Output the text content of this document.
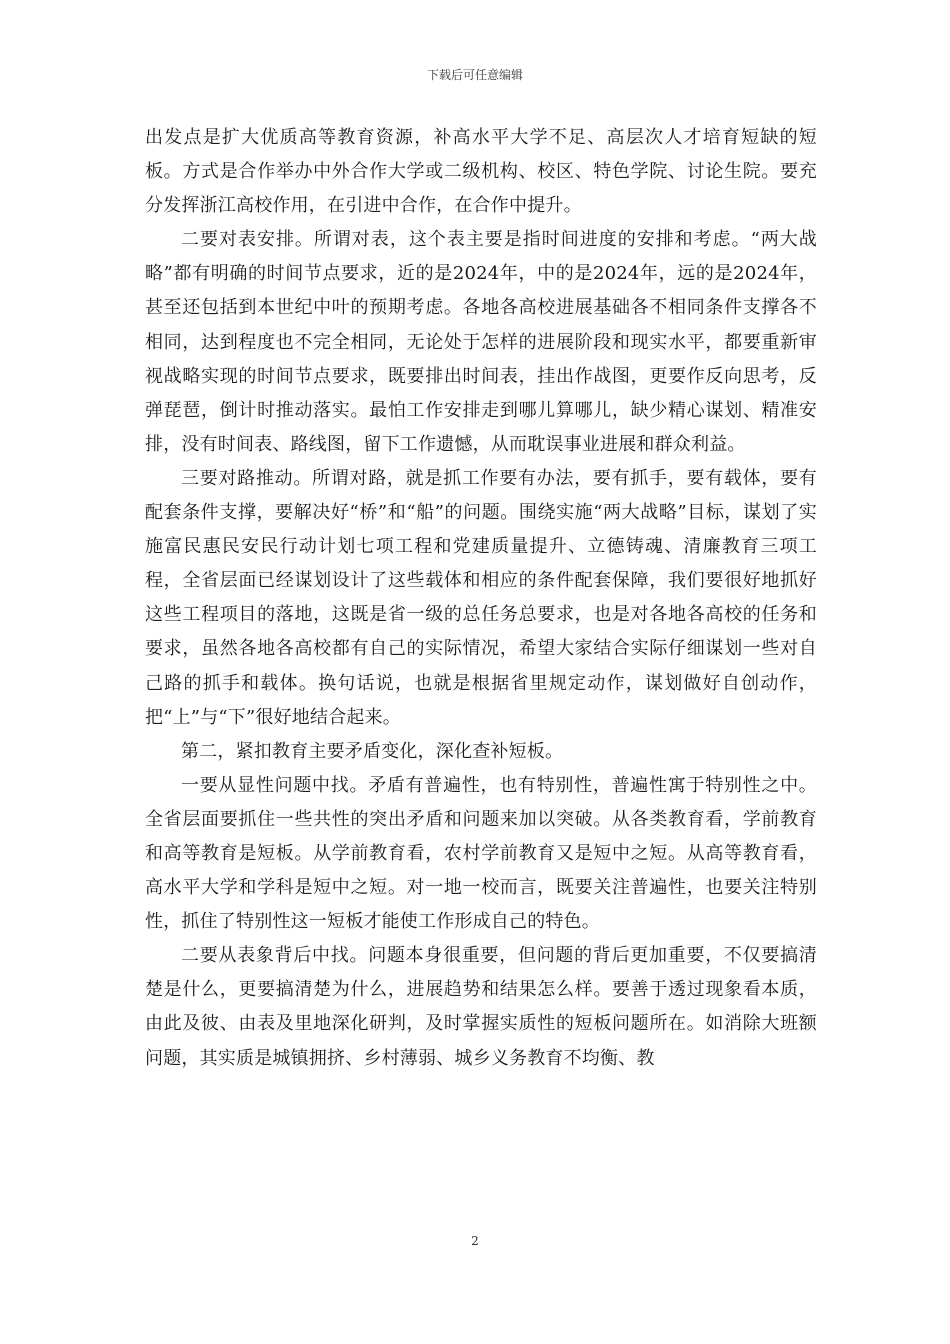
下载后可任意编辑

出发点是扩大优质高等教育资源，补高水平大学不足、高层次人才培育短缺的短板。方式是合作举办中外合作大学或二级机构、校区、特色学院、讨论生院。要充分发挥浙江高校作用，在引进中合作，在合作中提升。

二要对表安排。所谓对表，这个表主要是指时间进度的安排和考虑。“两大战略”都有明确的时间节点要求，近的是2024年，中的是2024年，远的是2024年，甚至还包括到本世纪中叶的预期考虑。各地各高校进展基础各不相同条件支撑各不相同，达到程度也不完全相同，无论处于怎样的进展阶段和现实水平，都要重新审视战略实现的时间节点要求，既要排出时间表，挂出作战图，更要作反向思考，反弹琵琶，倒计时推动落实。最怕工作安排走到哪儿算哪儿，缺少精心谋划、精准安排，没有时间表、路线图，留下工作遗憾，从而耽误事业进展和群众利益。

三要对路推动。所谓对路，就是抓工作要有办法，要有抓手，要有载体，要有配套条件支撑，要解决好“桥”和“船”的问题。围绕实施“两大战略”目标，谋划了实施富民惠民安民行动计划七项工程和党建质量提升、立德铸魂、清廉教育三项工程，全省层面已经谋划设计了这些载体和相应的条件配套保障，我们要很好地抓好这些工程项目的落地，这既是省一级的总任务总要求，也是对各地各高校的任务和要求，虽然各地各高校都有自己的实际情况，希望大家结合实际仔细谋划一些对自己路的抓手和载体。换句话说，也就是根据省里规定动作，谋划做好自创动作，把“上”与“下”很好地结合起来。

第二，紧扣教育主要矛盾变化，深化查补短板。

一要从显性问题中找。矛盾有普遍性，也有特别性，普遍性寓于特别性之中。全省层面要抓住一些共性的突出矛盾和问题来加以突破。从各类教育看，学前教育和高等教育是短板。从学前教育看，农村学前教育又是短中之短。从高等教育看，高水平大学和学科是短中之短。对一地一校而言，既要关注普遍性，也要关注特别性，抓住了特别性这一短板才能使工作形成自己的特色。

二要从表象背后中找。问题本身很重要，但问题的背后更加重要，不仅要搞清楚是什么，更要搞清楚为什么，进展趋势和结果怎么样。要善于透过现象看本质，由此及彼、由表及里地深化研判，及时掌握实质性的短板问题所在。如消除大班额问题，其实质是城镇拥挤、乡村薄弱、城乡义务教育不均衡、教

2
